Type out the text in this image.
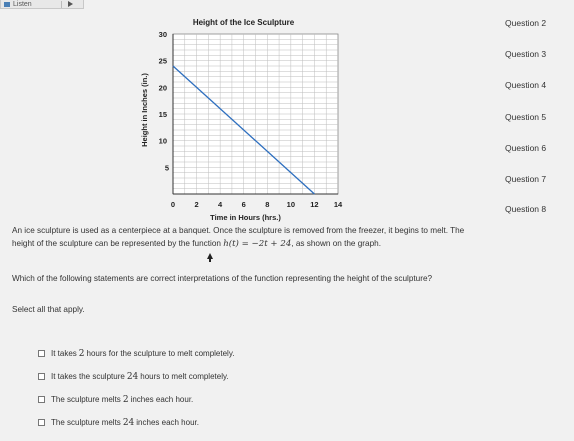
Listen
Height of the Ice Sculpture
0	2	4	6	8 10 12 14
5
10
15
20
25
30
Time in Hours (hrs.)
Height in Inches (in.)
Question 2
Question 3
Question 4
Question 5
Question 6
Question 7
Question 8
An ice sculpture is used as a centerpiece at a banquet. Once the sculpture is removed from the freezer, it begins to melt. The height of the sculpture can be represented by the function h(t) = −2t + 24, as shown on the graph.
Which of the following statements are correct interpretations of the function representing the height of the sculpture?
Select all that apply.
It takes 2 hours for the sculpture to melt completely.
It takes the sculpture 24 hours to melt completely.
The sculpture melts 2 inches each hour.
The sculpture melts 24 inches each hour.
